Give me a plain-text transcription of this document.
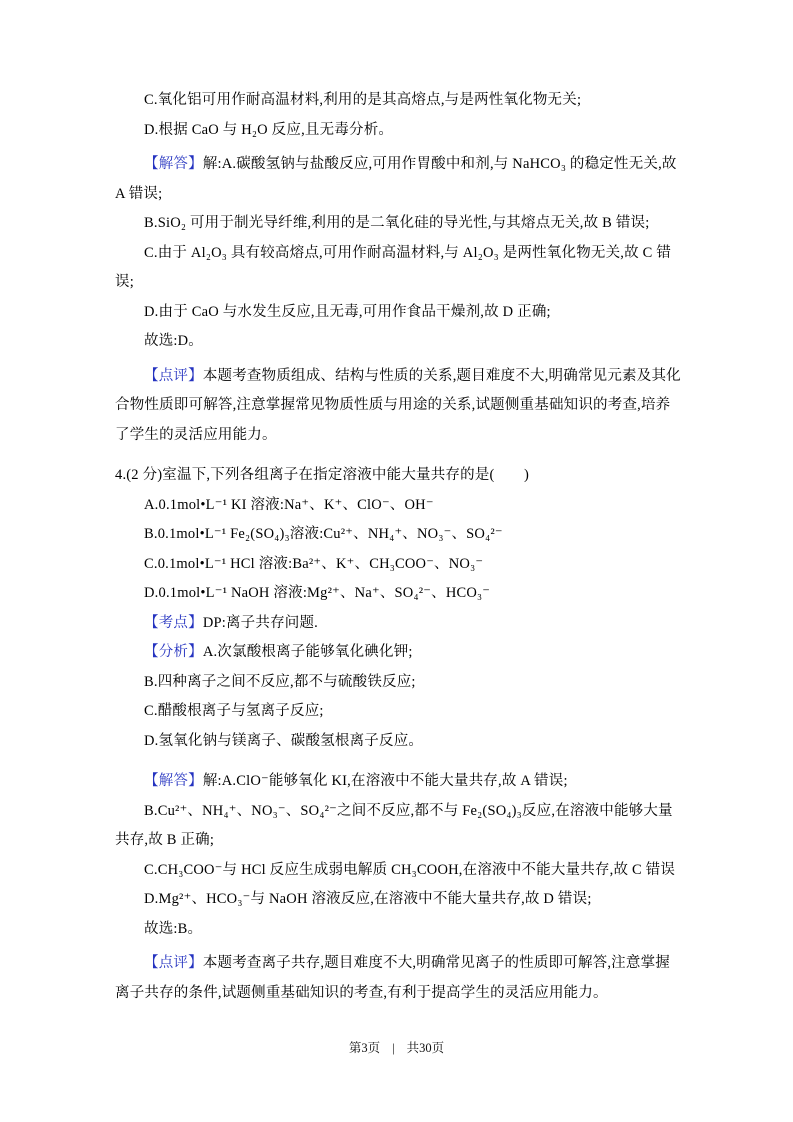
C.氧化铝可用作耐高温材料,利用的是其高熔点,与是两性氧化物无关;

D.根据 CaO 与 H₂O 反应,且无毒分析。

【解答】解:A.碳酸氢钠与盐酸反应,可用作胃酸中和剂,与 NaHCO₃ 的稳定性无关,故 A 错误;

B.SiO₂ 可用于制光导纤维,利用的是二氧化硅的导光性,与其熔点无关,故 B 错误;

C.由于 Al₂O₃ 具有较高熔点,可用作耐高温材料,与 Al₂O₃ 是两性氧化物无关,故 C 错误;

D.由于 CaO 与水发生反应,且无毒,可用作食品干燥剂,故 D 正确;

故选:D。

【点评】本题考查物质组成、结构与性质的关系,题目难度不大,明确常见元素及其化合物性质即可解答,注意掌握常见物质性质与用途的关系,试题侧重基础知识的考查,培养了学生的灵活应用能力。

4.(2 分)室温下,下列各组离子在指定溶液中能大量共存的是(　　)

A.0.1mol•L⁻¹ KI 溶液:Na⁺、K⁺、ClO⁻、OH⁻

B.0.1mol•L⁻¹ Fe₂(SO₄)₃溶液:Cu²⁺、NH₄⁺、NO₃⁻、SO₄²⁻

C.0.1mol•L⁻¹ HCl 溶液:Ba²⁺、K⁺、CH₃COO⁻、NO₃⁻

D.0.1mol•L⁻¹ NaOH 溶液:Mg²⁺、Na⁺、SO₄²⁻、HCO₃⁻

【考点】DP:离子共存问题.

【分析】A.次氯酸根离子能够氧化碘化钾;

B.四种离子之间不反应,都不与硫酸铁反应;

C.醋酸根离子与氢离子反应;

D.氢氧化钠与镁离子、碳酸氢根离子反应。

【解答】解:A.ClO⁻能够氧化 KI,在溶液中不能大量共存,故 A 错误;

B.Cu²⁺、NH₄⁺、NO₃⁻、SO₄²⁻之间不反应,都不与 Fe₂(SO₄)₃反应,在溶液中能够大量共存,故 B 正确;

C.CH₃COO⁻与 HCl 反应生成弱电解质 CH₃COOH,在溶液中不能大量共存,故 C 错误

D.Mg²⁺、HCO₃⁻与 NaOH 溶液反应,在溶液中不能大量共存,故 D 错误;

故选:B。

【点评】本题考查离子共存,题目难度不大,明确常见离子的性质即可解答,注意掌握离子共存的条件,试题侧重基础知识的考查,有利于提高学生的灵活应用能力。

第3页 | 共30页
